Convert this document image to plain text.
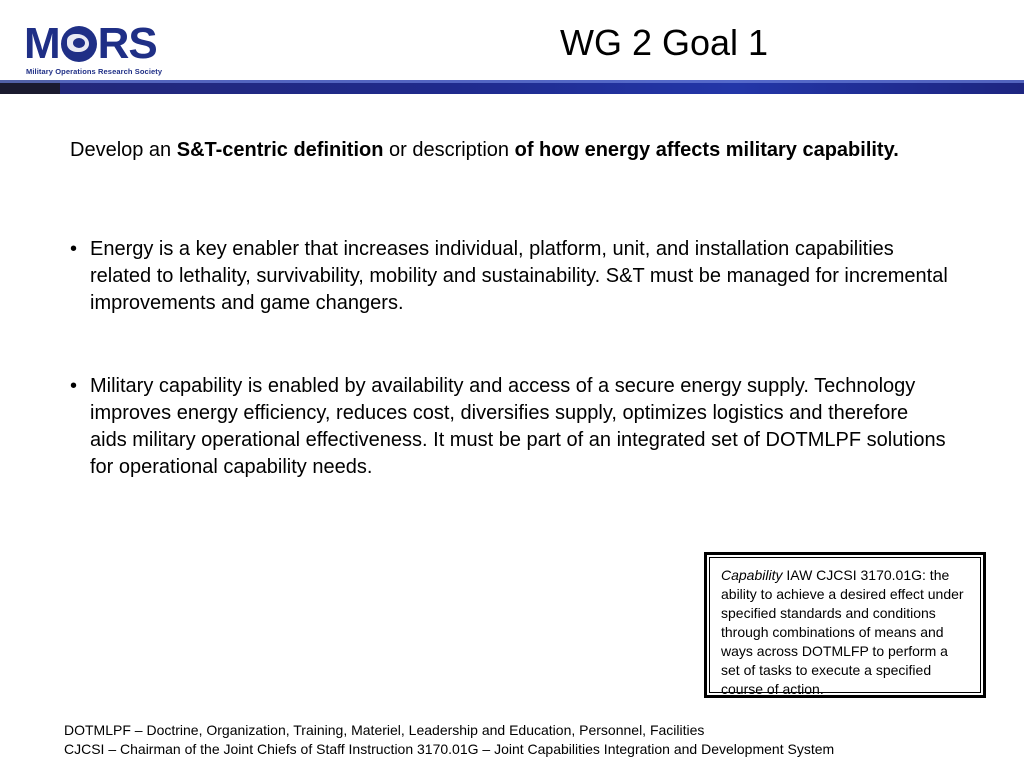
M RS
Military Operations Research Society
WG 2 Goal 1
Develop an S&T-centric definition or description of how energy affects military capability.
• Energy is a key enabler that increases individual, platform, unit, and installation capabilities related to lethality, survivability, mobility and sustainability. S&T must be managed for incremental improvements and game changers.
• Military capability is enabled by availability and access of a secure energy supply. Technology improves energy efficiency, reduces cost, diversifies supply, optimizes logistics and therefore aids military operational effectiveness. It must be part of an integrated set of DOTMLPF solutions for operational capability needs.
Capability IAW CJCSI 3170.01G: the ability to achieve a desired effect under specified standards and conditions through combinations of means and ways across DOTMLFP to perform a set of tasks to execute a specified course of action.
DOTMLPF – Doctrine, Organization, Training, Materiel, Leadership and Education, Personnel, Facilities
CJCSI – Chairman of the Joint Chiefs of Staff Instruction 3170.01G – Joint Capabilities Integration and Development System
